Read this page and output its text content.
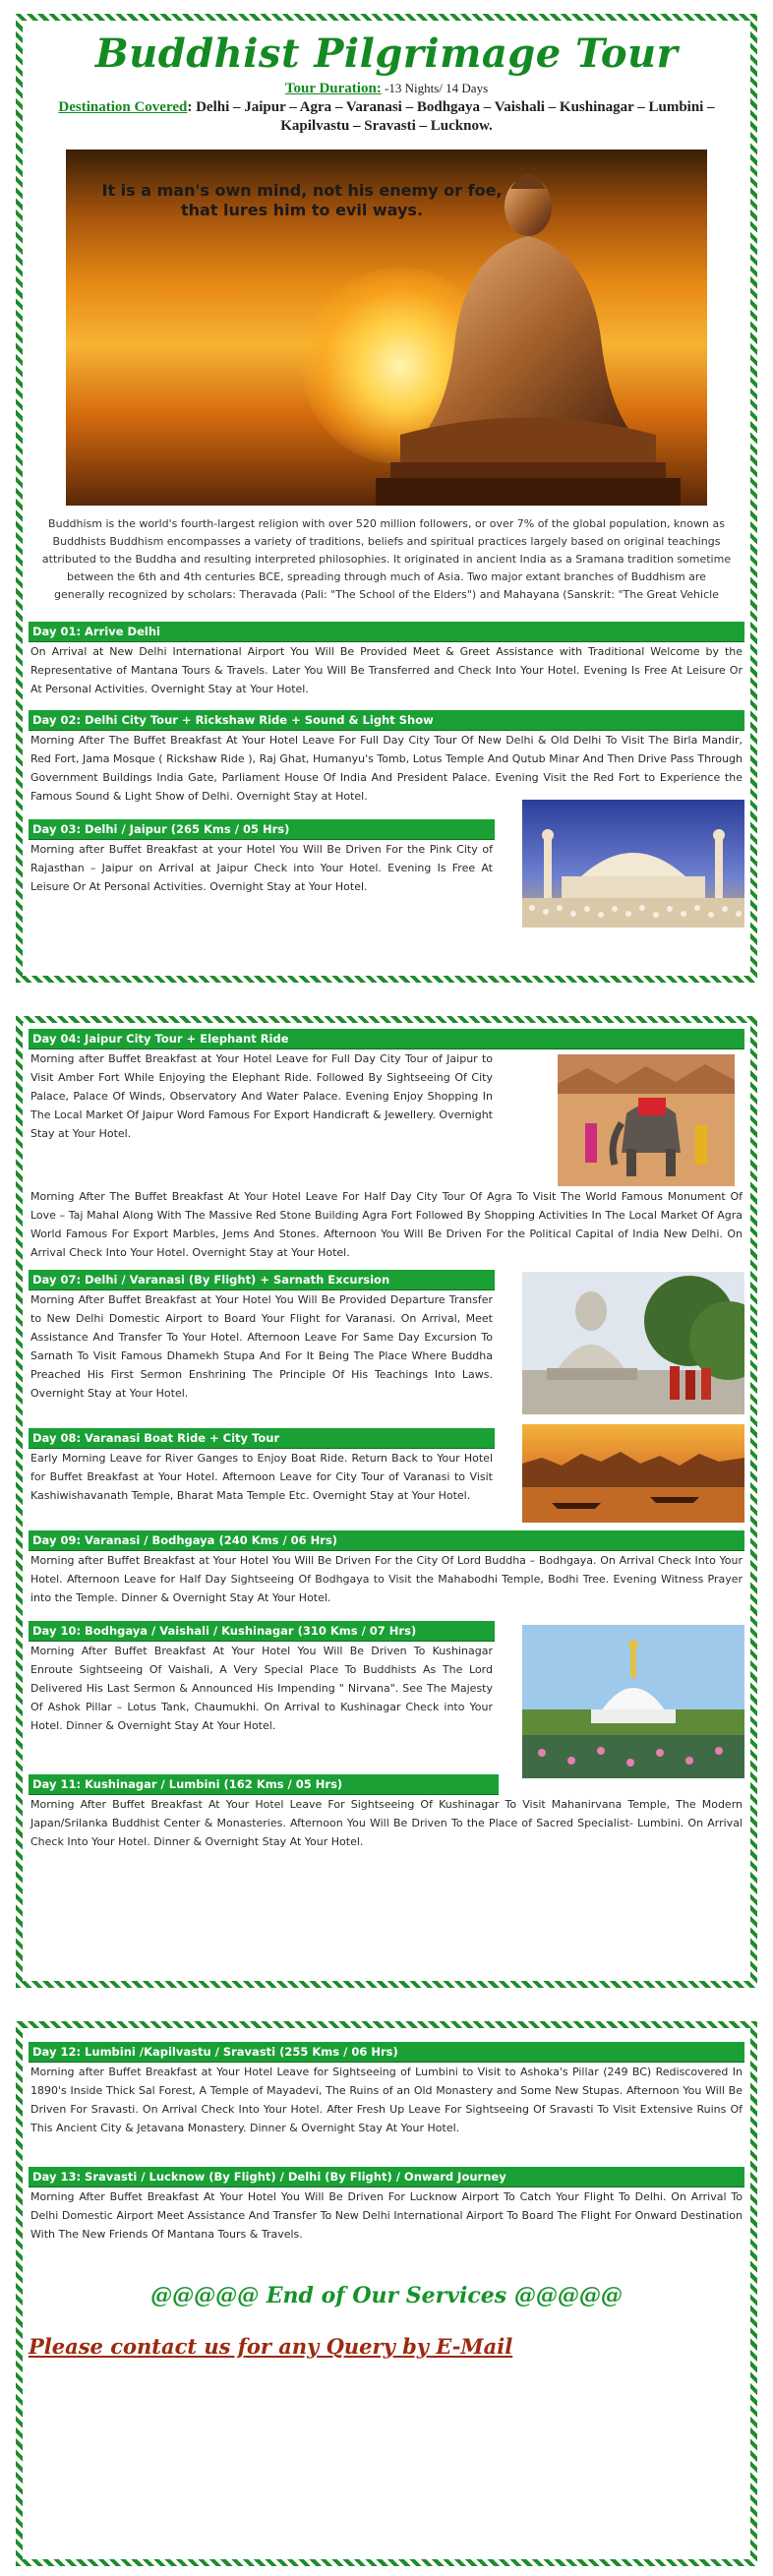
Buddhist Pilgrimage Tour
Tour Duration: -13 Nights/ 14 Days
Destination Covered: Delhi – Jaipur – Agra – Varanasi – Bodhgaya – Vaishali – Kushinagar – Lumbini – Kapilvastu – Sravasti – Lucknow.
It is a man's own mind, not his enemy or foe,
that lures him to evil ways.
Buddhism is the world's fourth-largest religion with over 520 million followers, or over 7% of the global population, known as Buddhists Buddhism encompasses a variety of traditions, beliefs and spiritual practices largely based on original teachings attributed to the Buddha and resulting interpreted philosophies. It originated in ancient India as a Sramana tradition sometime between the 6th and 4th centuries BCE, spreading through much of Asia. Two major extant branches of Buddhism are generally recognized by scholars: Theravada (Pali: "The School of the Elders") and Mahayana (Sanskrit: "The Great Vehicle
Day 01: Arrive Delhi
On Arrival at New Delhi International Airport You Will Be Provided Meet & Greet Assistance with Traditional Welcome by the Representative of Mantana Tours & Travels. Later You Will Be Transferred and Check Into Your Hotel. Evening Is Free At Leisure Or At Personal Activities. Overnight Stay at Your Hotel.
Day 02: Delhi City Tour + Rickshaw Ride + Sound & Light Show
Morning After The Buffet Breakfast At Your Hotel Leave For Full Day City Tour Of New Delhi & Old Delhi To Visit The Birla Mandir, Red Fort, Jama Mosque ( Rickshaw Ride ), Raj Ghat, Humanyu's Tomb, Lotus Temple And Qutub Minar And Then Drive Pass Through Government Buildings India Gate, Parliament House Of India And President Palace. Evening Visit the Red Fort to Experience the Famous Sound & Light Show of Delhi. Overnight Stay at Hotel.
Day 03: Delhi / Jaipur (265 Kms / 05 Hrs)
Morning after Buffet Breakfast at your Hotel You Will Be Driven For the Pink City of Rajasthan – Jaipur on Arrival at Jaipur Check into Your Hotel. Evening Is Free At Leisure Or At Personal Activities. Overnight Stay at Your Hotel.
Day 04: Jaipur City Tour + Elephant Ride
Morning after Buffet Breakfast at Your Hotel Leave for Full Day City Tour of Jaipur to Visit Amber Fort While Enjoying the Elephant Ride. Followed By Sightseeing Of City Palace, Palace Of Winds, Observatory And Water Palace. Evening Enjoy Shopping In The Local Market Of Jaipur Word Famous For Export Handicraft & Jewellery. Overnight Stay at Your Hotel.
Morning After The Buffet Breakfast At Your Hotel Leave For Half Day City Tour Of Agra To Visit The World Famous Monument Of Love – Taj Mahal Along With The Massive Red Stone Building Agra Fort Followed By Shopping Activities In The Local Market Of Agra World Famous For Export Marbles, Jems And Stones. Afternoon You Will Be Driven For the Political Capital of India New Delhi. On Arrival Check Into Your Hotel. Overnight Stay at Your Hotel.
Day 07: Delhi / Varanasi (By Flight) + Sarnath Excursion
Morning After Buffet Breakfast at Your Hotel You Will Be Provided Departure Transfer to New Delhi Domestic Airport to Board Your Flight for Varanasi. On Arrival, Meet Assistance And Transfer To Your Hotel. Afternoon Leave For Same Day Excursion To Sarnath To Visit Famous Dhamekh Stupa And For It Being The Place Where Buddha Preached His First Sermon Enshrining The Principle Of His Teachings Into Laws. Overnight Stay at Your Hotel.
Day 08: Varanasi Boat Ride + City Tour
Early Morning Leave for River Ganges to Enjoy Boat Ride. Return Back to Your Hotel for Buffet Breakfast at Your Hotel. Afternoon Leave for City Tour of Varanasi to Visit Kashiwishavanath Temple, Bharat Mata Temple Etc. Overnight Stay at Your Hotel.
Day 09: Varanasi / Bodhgaya (240 Kms / 06 Hrs)
Morning after Buffet Breakfast at Your Hotel You Will Be Driven For the City Of Lord Buddha – Bodhgaya. On Arrival Check Into Your Hotel. Afternoon Leave for Half Day Sightseeing Of Bodhgaya to Visit the Mahabodhi Temple, Bodhi Tree. Evening Witness Prayer into the Temple. Dinner & Overnight Stay At Your Hotel.
Day 10: Bodhgaya / Vaishali / Kushinagar (310 Kms / 07 Hrs)
Morning After Buffet Breakfast At Your Hotel You Will Be Driven To Kushinagar Enroute Sightseeing Of Vaishali, A Very Special Place To Buddhists As The Lord Delivered His Last Sermon & Announced His Impending " Nirvana". See The Majesty Of Ashok Pillar – Lotus Tank, Chaumukhi. On Arrival to Kushinagar Check into Your Hotel. Dinner & Overnight Stay At Your Hotel.
Day 11: Kushinagar / Lumbini (162 Kms / 05 Hrs)
Morning After Buffet Breakfast At Your Hotel Leave For Sightseeing Of Kushinagar To Visit Mahanirvana Temple, The Modern Japan/Srilanka Buddhist Center & Monasteries. Afternoon You Will Be Driven To the Place of Sacred Specialist- Lumbini. On Arrival Check Into Your Hotel. Dinner & Overnight Stay At Your Hotel.
Day 12: Lumbini /Kapilvastu / Sravasti (255 Kms / 06 Hrs)
Morning after Buffet Breakfast at Your Hotel Leave for Sightseeing of Lumbini to Visit to Ashoka's Pillar (249 BC) Rediscovered In 1890's Inside Thick Sal Forest, A Temple of Mayadevi, The Ruins of an Old Monastery and Some New Stupas. Afternoon You Will Be Driven For Sravasti. On Arrival Check Into Your Hotel. After Fresh Up Leave For Sightseeing Of Sravasti To Visit Extensive Ruins Of This Ancient City & Jetavana Monastery. Dinner & Overnight Stay At Your Hotel.
Day 13: Sravasti / Lucknow (By Flight) / Delhi (By Flight) / Onward Journey
Morning After Buffet Breakfast At Your Hotel You Will Be Driven For Lucknow Airport To Catch Your Flight To Delhi. On Arrival To Delhi Domestic Airport Meet Assistance And Transfer To New Delhi International Airport To Board The Flight For Onward Destination With The New Friends Of Mantana Tours & Travels.
@@@@@ End of Our Services @@@@@
Please contact us for any Query by E-Mail
